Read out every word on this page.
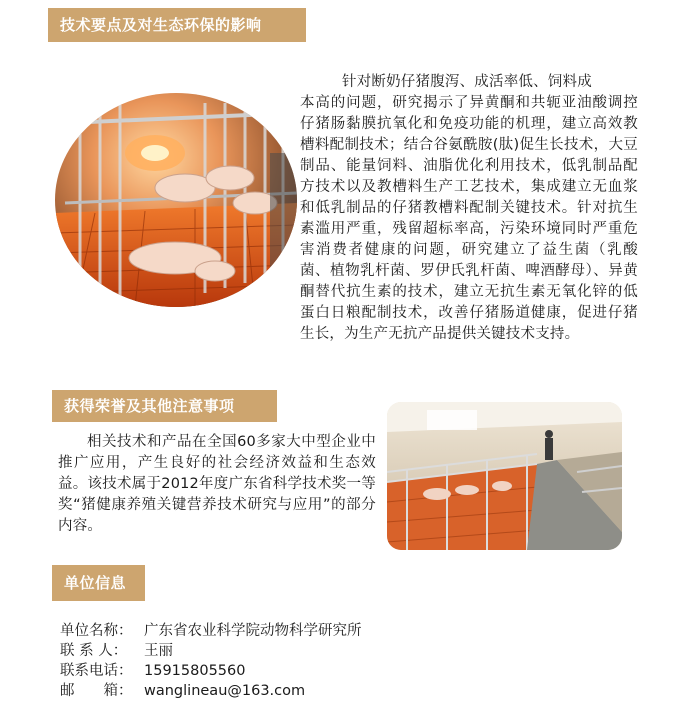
技术要点及对生态环保的影响

针对断奶仔猪腹泻、成活率低、饲料成
本高的问题，研究揭示了异黄酮和共轭亚油酸调控仔猪肠黏膜抗氧化和免疫功能的机理，建立高效教槽料配制技术；结合谷氨酰胺(肽)促生长技术，大豆制品、能量饲料、油脂优化利用技术，低乳制品配方技术以及教槽料生产工艺技术，集成建立无血浆和低乳制品的仔猪教槽料配制关键技术。针对抗生素滥用严重，残留超标率高，污染环境同时严重危害消费者健康的问题，研究建立了益生菌（乳酸菌、植物乳杆菌、罗伊氏乳杆菌、啤酒酵母）、异黄酮替代抗生素的技术，建立无抗生素无氧化锌的低蛋白日粮配制技术，改善仔猪肠道健康，促进仔猪生长，为生产无抗产品提供关键技术支持。

获得荣誉及其他注意事项

相关技术和产品在全国60多家大中型企业中推广应用，产生良好的社会经济效益和生态效益。该技术属于2012年度广东省科学技术奖一等奖“猪健康养殖关键营养技术研究与应用”的部分内容。

单位信息
单位名称： 广东省农业科学院动物科学研究所
联 系 人： 王丽
联系电话： 15915805560
邮　　箱： wanglineau@163.com
